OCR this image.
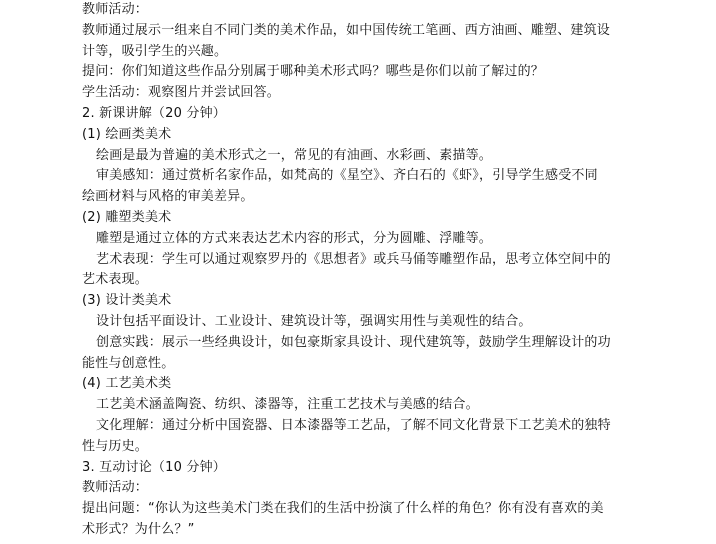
教师活动：
教师通过展示一组来自不同门类的美术作品，如中国传统工笔画、西方油画、雕塑、建筑设
计等，吸引学生的兴趣。
提问：你们知道这些作品分别属于哪种美术形式吗？哪些是你们以前了解过的？
学生活动：观察图片并尝试回答。
2. 新课讲解（20 分钟）
(1) 绘画类美术
绘画是最为普遍的美术形式之一，常见的有油画、水彩画、素描等。
审美感知：通过赏析名家作品，如梵高的《星空》、齐白石的《虾》，引导学生感受不同
绘画材料与风格的审美差异。
(2) 雕塑类美术
雕塑是通过立体的方式来表达艺术内容的形式，分为圆雕、浮雕等。
艺术表现：学生可以通过观察罗丹的《思想者》或兵马俑等雕塑作品，思考立体空间中的
艺术表现。
(3) 设计类美术
设计包括平面设计、工业设计、建筑设计等，强调实用性与美观性的结合。
创意实践：展示一些经典设计，如包豪斯家具设计、现代建筑等，鼓励学生理解设计的功
能性与创意性。
(4) 工艺美术类
工艺美术涵盖陶瓷、纺织、漆器等，注重工艺技术与美感的结合。
文化理解：通过分析中国瓷器、日本漆器等工艺品，了解不同文化背景下工艺美术的独特
性与历史。
3. 互动讨论（10 分钟）
教师活动：
提出问题：“你认为这些美术门类在我们的生活中扮演了什么样的角色？你有没有喜欢的美
术形式？为什么？”
